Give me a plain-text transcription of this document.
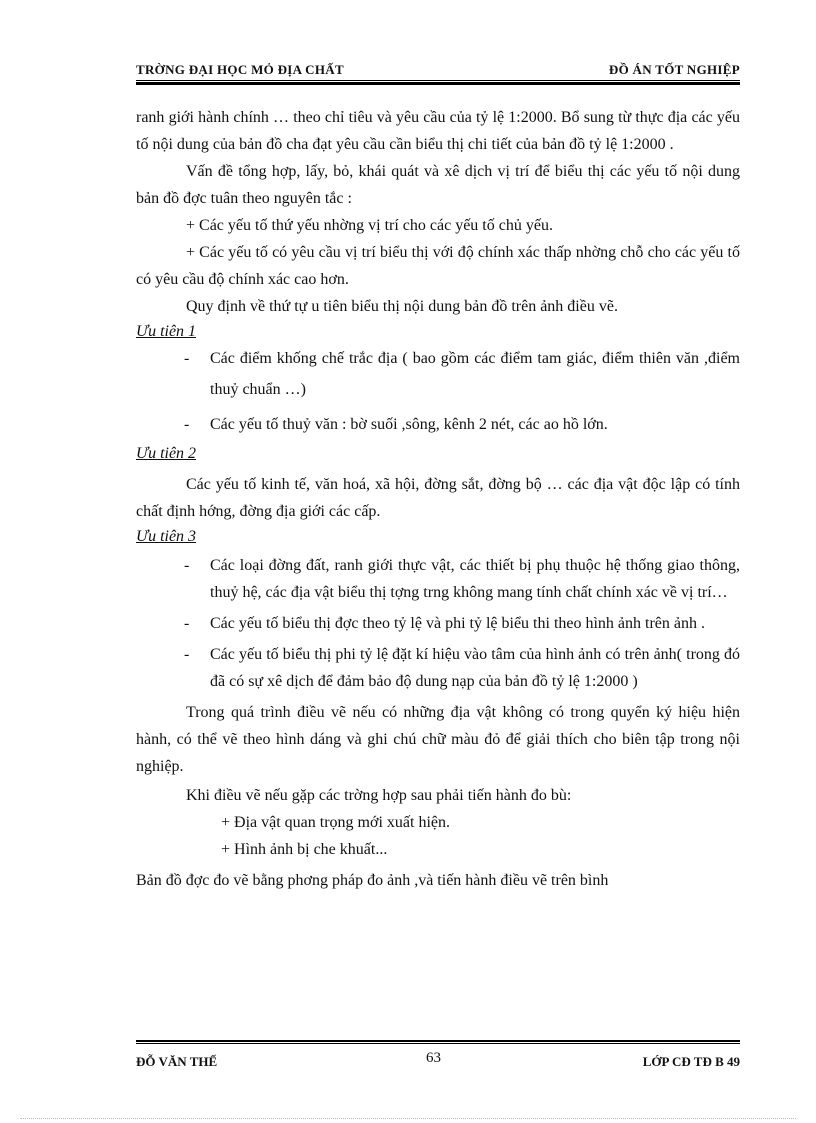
TRỜNG ĐẠI HỌC MỎ ĐỊA CHẤT	ĐỒ ÁN TỐT NGHIỆP

ranh giới hành chính … theo chỉ tiêu và yêu cầu của tỷ lệ 1:2000. Bổ sung từ thực địa các yếu tố nội dung của bản đồ cha đạt yêu cầu cần biểu thị chi tiết của bản đồ tỷ lệ 1:2000 .

Vấn đề tổng hợp, lấy, bỏ, khái quát và xê dịch vị trí để biểu thị các yếu tố nội dung bản đồ đợc tuân theo nguyên tắc :

+ Các yếu tố thứ yếu nhờng vị trí cho các yếu tố chủ yếu.

+ Các yếu tố có yêu cầu vị trí biểu thị với độ chính xác thấp nhờng chỗ cho các yếu tố có yêu cầu độ chính xác cao hơn.

Quy định về thứ tự u tiên biểu thị nội dung bản đồ trên ảnh điều vẽ.

Ưu tiên 1

- Các điểm khống chế trắc địa ( bao gồm các điểm tam giác, điểm thiên văn ,điểm thuỷ chuẩn …)

- Các yếu tố thuỷ văn : bờ suối ,sông, kênh 2 nét, các ao hồ lớn.

Ưu tiên 2

Các yếu tố kinh tế, văn hoá, xã hội, đờng sắt, đờng bộ … các địa vật độc lập có tính chất định hớng, đờng địa giới các cấp.

Ưu tiên 3

- Các loại đờng đất, ranh giới thực vật, các thiết bị phụ thuộc hệ thống giao thông, thuỷ hệ, các địa vật biểu thị tợng trng không mang tính chất chính xác về vị trí…

- Các yếu tố biểu thị đợc theo tỷ lệ và phi tỷ lệ biểu thi theo hình ảnh trên ảnh .

- Các yếu tố biểu thị phi tỷ lệ đặt kí hiệu vào tâm của hình ảnh có trên ảnh( trong đó đã có sự xê dịch để đảm bảo độ dung nạp của bản đồ tỷ lệ 1:2000 )

Trong quá trình điều vẽ nếu có những địa vật không có trong quyển ký hiệu hiện hành, có thể vẽ theo hình dáng và ghi chú chữ màu đỏ để giải thích cho biên tập trong nội nghiệp.

Khi điều vẽ nếu gặp các trờng hợp sau phải tiến hành đo bù:

+ Địa vật quan trọng mới xuất hiện.

+ Hình ảnh bị che khuất...

Bản đồ đợc đo vẽ bằng phơng pháp đo ảnh ,và tiến hành điều vẽ trên bình

ĐỖ VĂN THẾ	63	LỚP CĐ TĐ B 49
